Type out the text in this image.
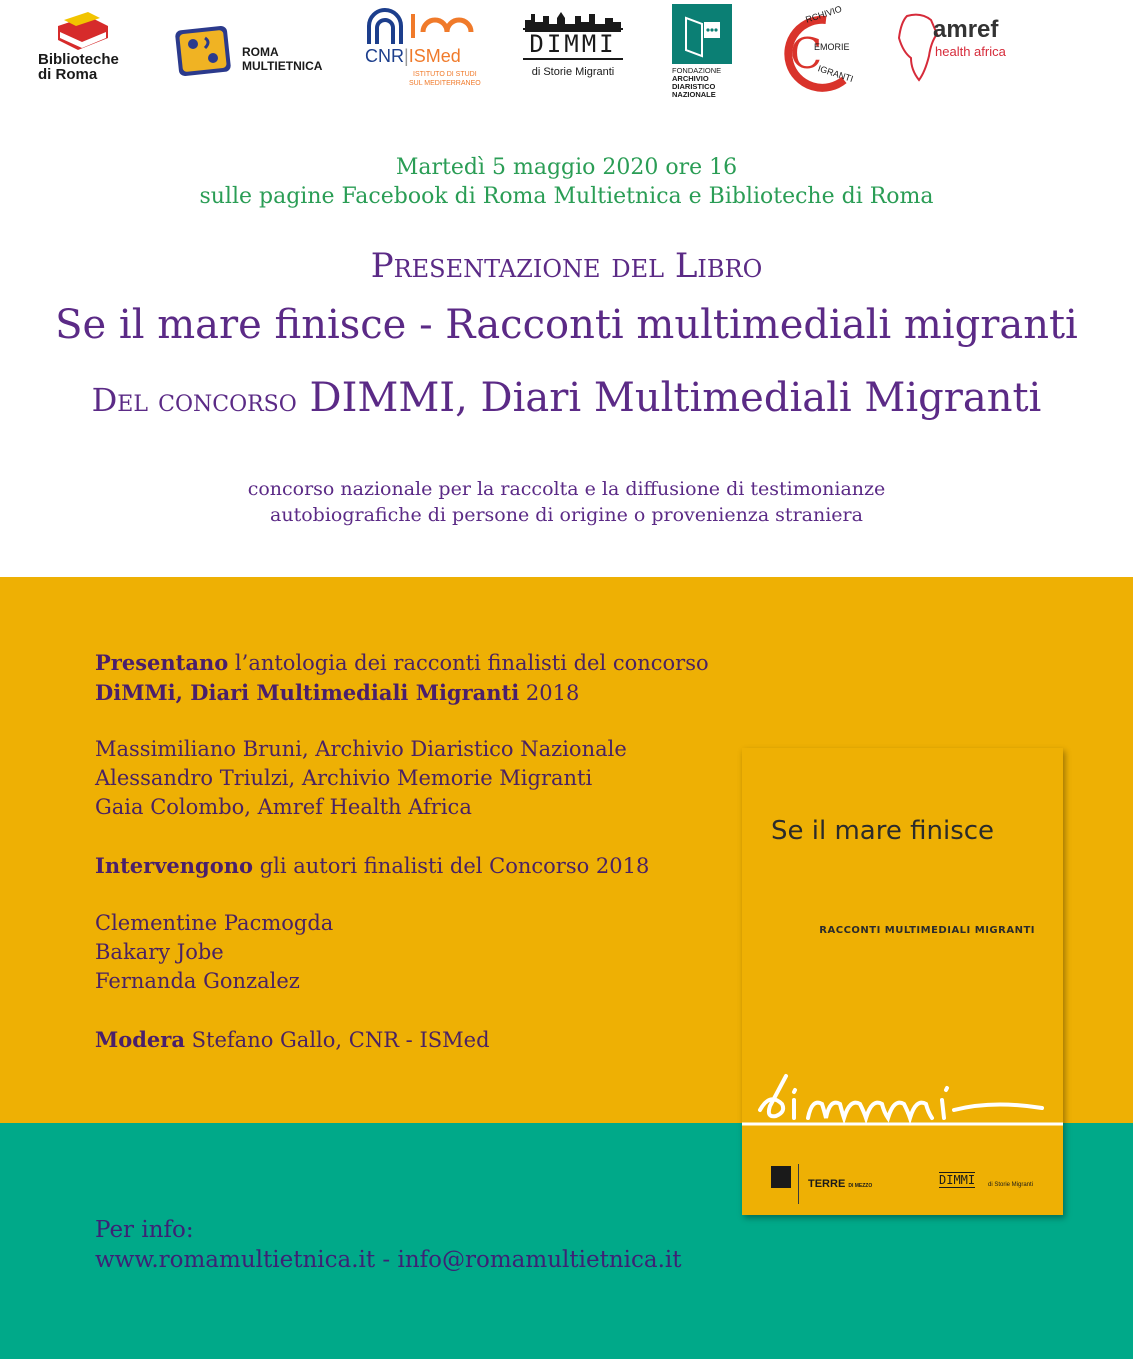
Biblioteche
di Roma
ROMA
MULTIETNICA CNR|ISMed
ISTITUTO DI STUDI
SUL MEDITERRANEO
DIMMI
di Storie Migranti	FONDAZIONE
ARCHIVIO
DIARISTICO
NAZIONALE
C
RCHIVIO
EMORIE
IGRANTI
amref
health africa
Martedì 5 maggio 2020 ore 16
sulle pagine Facebook di Roma Multietnica e Biblioteche di Roma
Presentazione del Libro
Se il mare finisce - Racconti multimediali migranti
Del concorso DIMMI, Diari Multimediali Migranti
concorso nazionale per la raccolta e la diffusione di testimonianze
autobiografiche di persone di origine o provenienza straniera
Presentano l’antologia dei racconti finalisti del concorso
DiMMi, Diari Multimediali Migranti 2018
Massimiliano Bruni, Archivio Diaristico Nazionale
Alessandro Triulzi, Archivio Memorie Migranti
Gaia Colombo, Amref Health Africa
Intervengono gli autori finalisti del Concorso 2018
Clementine Pacmogda
Bakary Jobe
Fernanda Gonzalez
Modera Stefano Gallo, CNR - ISMed
Per info:
www.romamultietnica.it - info@romamultietnica.it
Se il mare finisce
RACCONTI MULTIMEDIALI MIGRANTI
TERRE DI MEZZO	DIMMI di Storie Migranti
